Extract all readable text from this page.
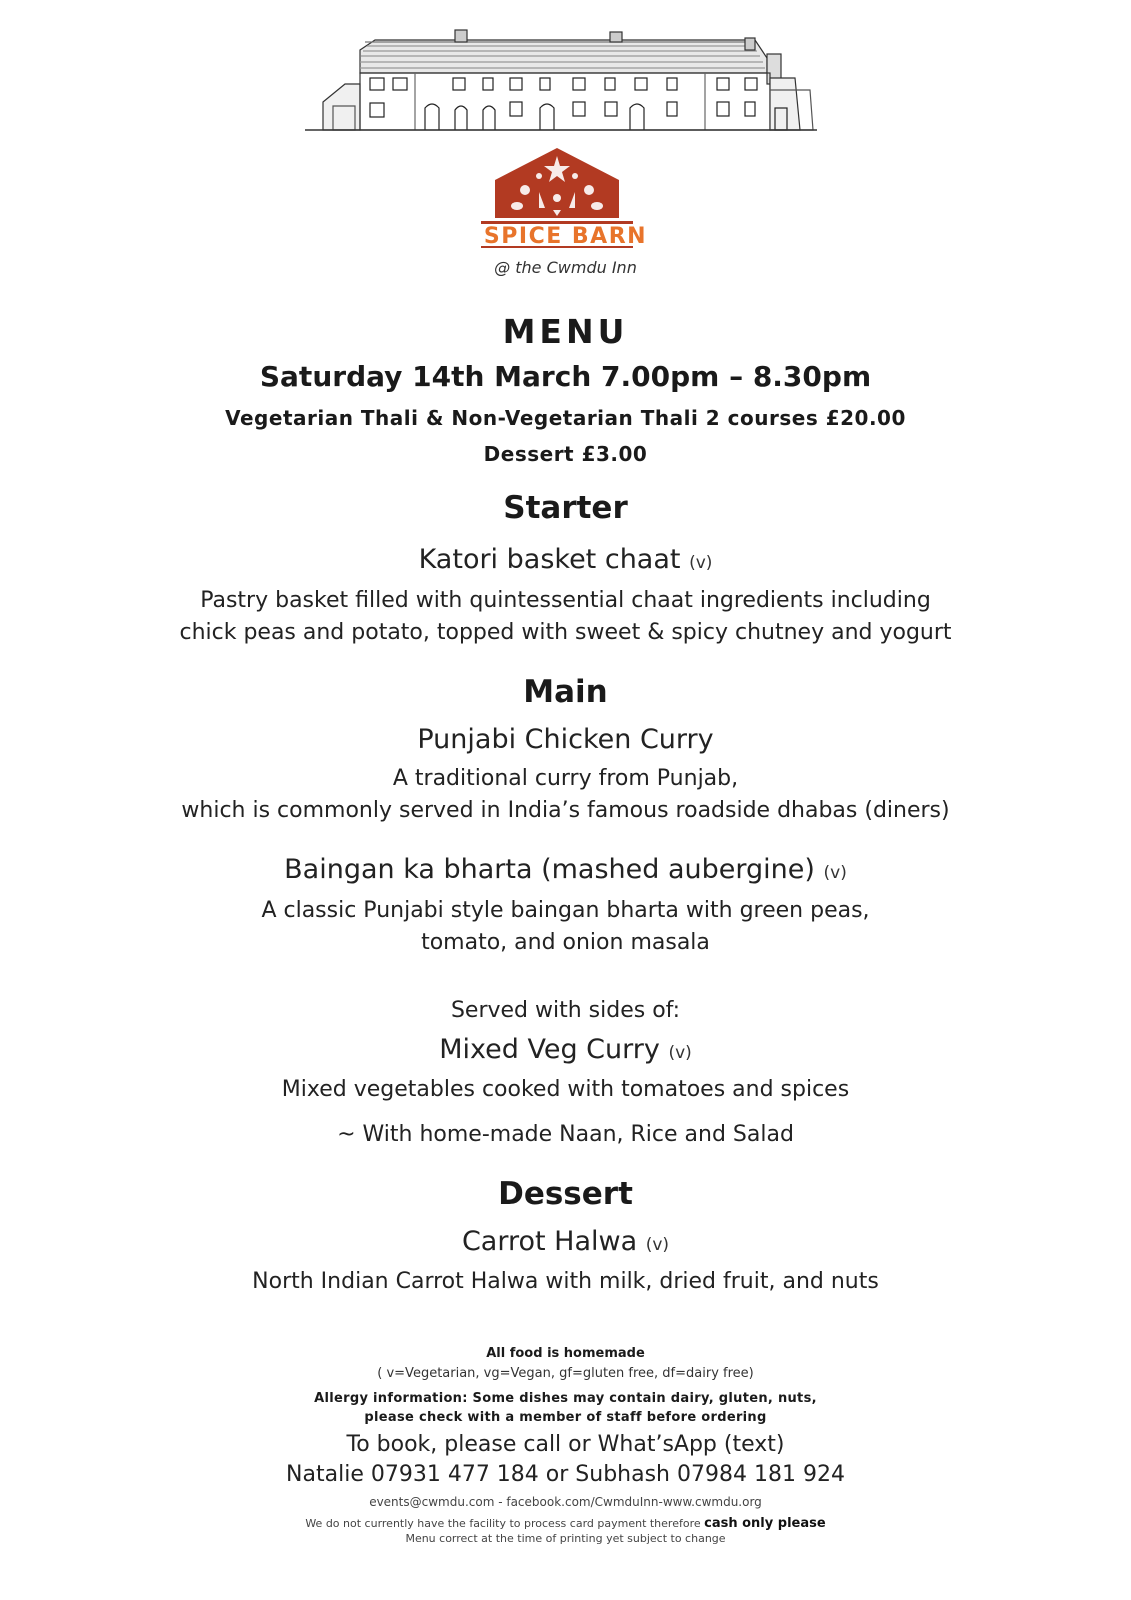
SPICE BARN
@ the Cwmdu Inn
MENU
Saturday 14th March 7.00pm – 8.30pm
Vegetarian Thali & Non-Vegetarian Thali 2 courses £20.00
Dessert £3.00
Starter
Katori basket chaat (v)
Pastry basket filled with quintessential chaat ingredients including
chick peas and potato, topped with sweet & spicy chutney and yogurt
Main
Punjabi Chicken Curry
A traditional curry from Punjab,
which is commonly served in India’s famous roadside dhabas (diners)
Baingan ka bharta (mashed aubergine) (v)
A classic Punjabi style baingan bharta with green peas,
tomato, and onion masala
Served with sides of:
Mixed Veg Curry (v)
Mixed vegetables cooked with tomatoes and spices
~ With home-made Naan, Rice and Salad
Dessert
Carrot Halwa (v)
North Indian Carrot Halwa with milk, dried fruit, and nuts
All food is homemade
( v=Vegetarian, vg=Vegan, gf=gluten free, df=dairy free)
Allergy information: Some dishes may contain dairy, gluten, nuts,
please check with a member of staff before ordering
To book, please call or What’sApp (text)
Natalie 07931 477 184 or Subhash 07984 181 924
events@cwmdu.com - facebook.com/CwmduInn-www.cwmdu.org
We do not currently have the facility to process card payment therefore cash only please
Menu correct at the time of printing yet subject to change
